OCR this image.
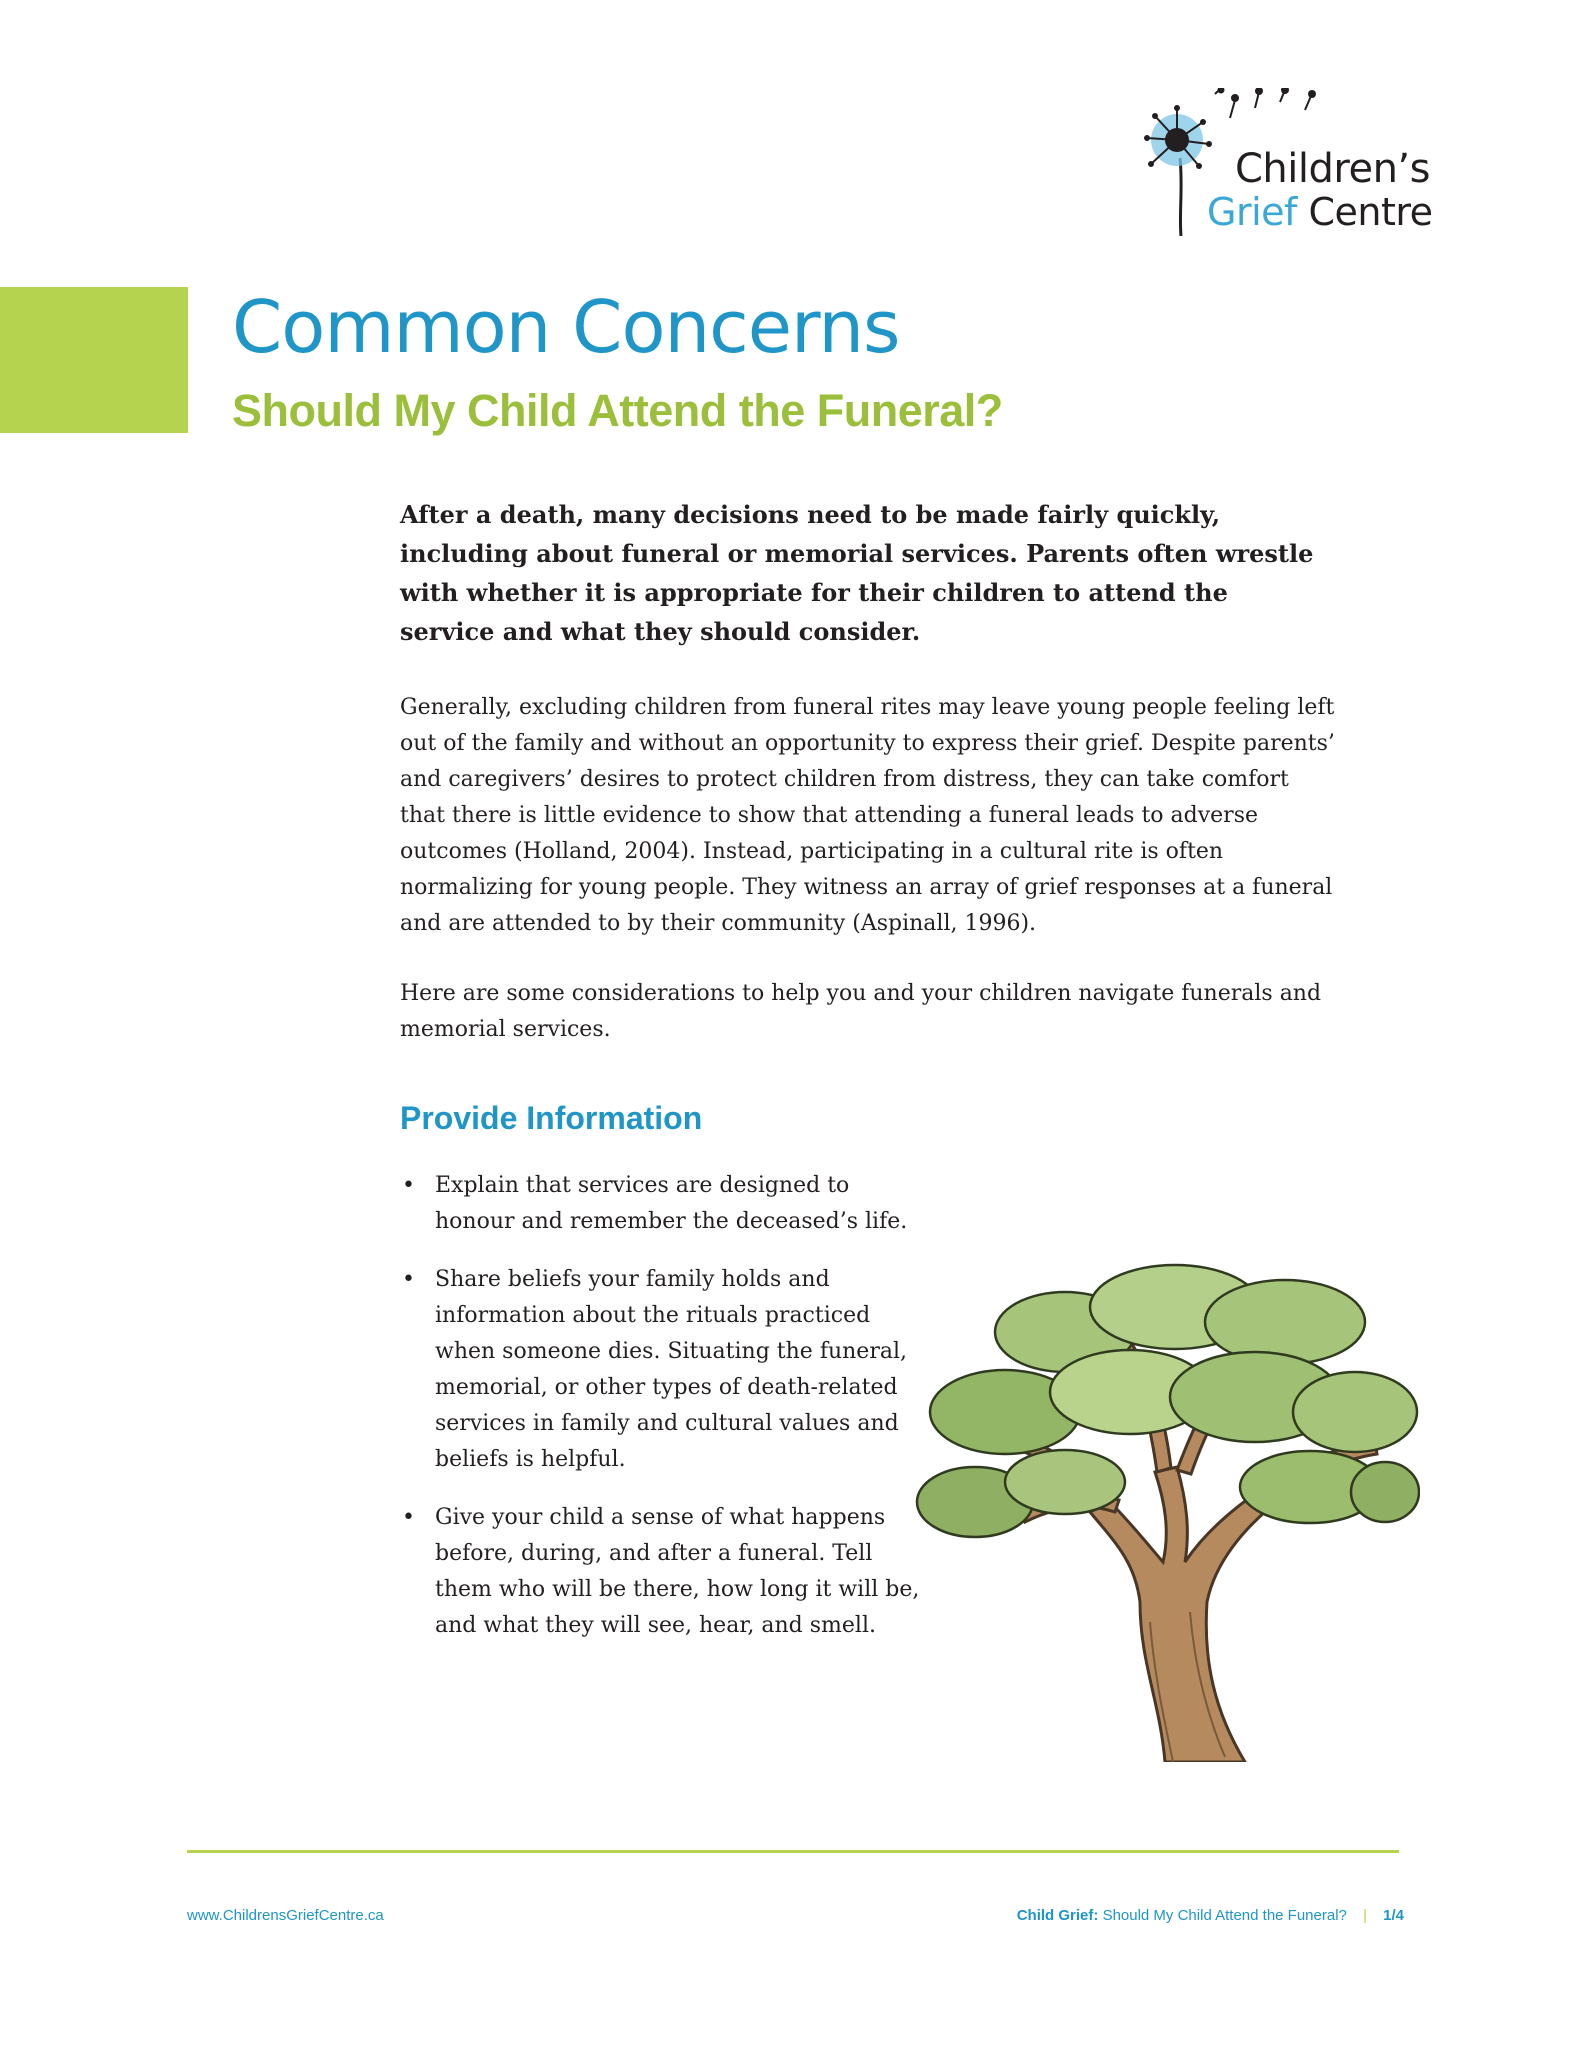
Children’s
Grief Centre
Common Concerns
Should My Child Attend the Funeral?
After a death, many decisions need to be made fairly quickly, including about funeral or memorial services. Parents often wrestle with whether it is appropriate for their children to attend the service and what they should consider.
Generally, excluding children from funeral rites may leave young people feeling left out of the family and without an opportunity to express their grief. Despite parents’ and caregivers’ desires to protect children from distress, they can take comfort that there is little evidence to show that attending a funeral leads to adverse outcomes (Holland, 2004). Instead, participating in a cultural rite is often normalizing for young people. They witness an array of grief responses at a funeral and are attended to by their community (Aspinall, 1996).
Here are some considerations to help you and your children navigate funerals and memorial services.
Provide Information
• Explain that services are designed to honour and remember the deceased’s life.
• Share beliefs your family holds and information about the rituals practiced when someone dies. Situating the funeral, memorial, or other types of death-related services in family and cultural values and beliefs is helpful.
• Give your child a sense of what happens before, during, and after a funeral. Tell them who will be there, how long it will be, and what they will see, hear, and smell.
www.ChildrensGriefCentre.ca	Child Grief: Should My Child Attend the Funeral? | 1/4
